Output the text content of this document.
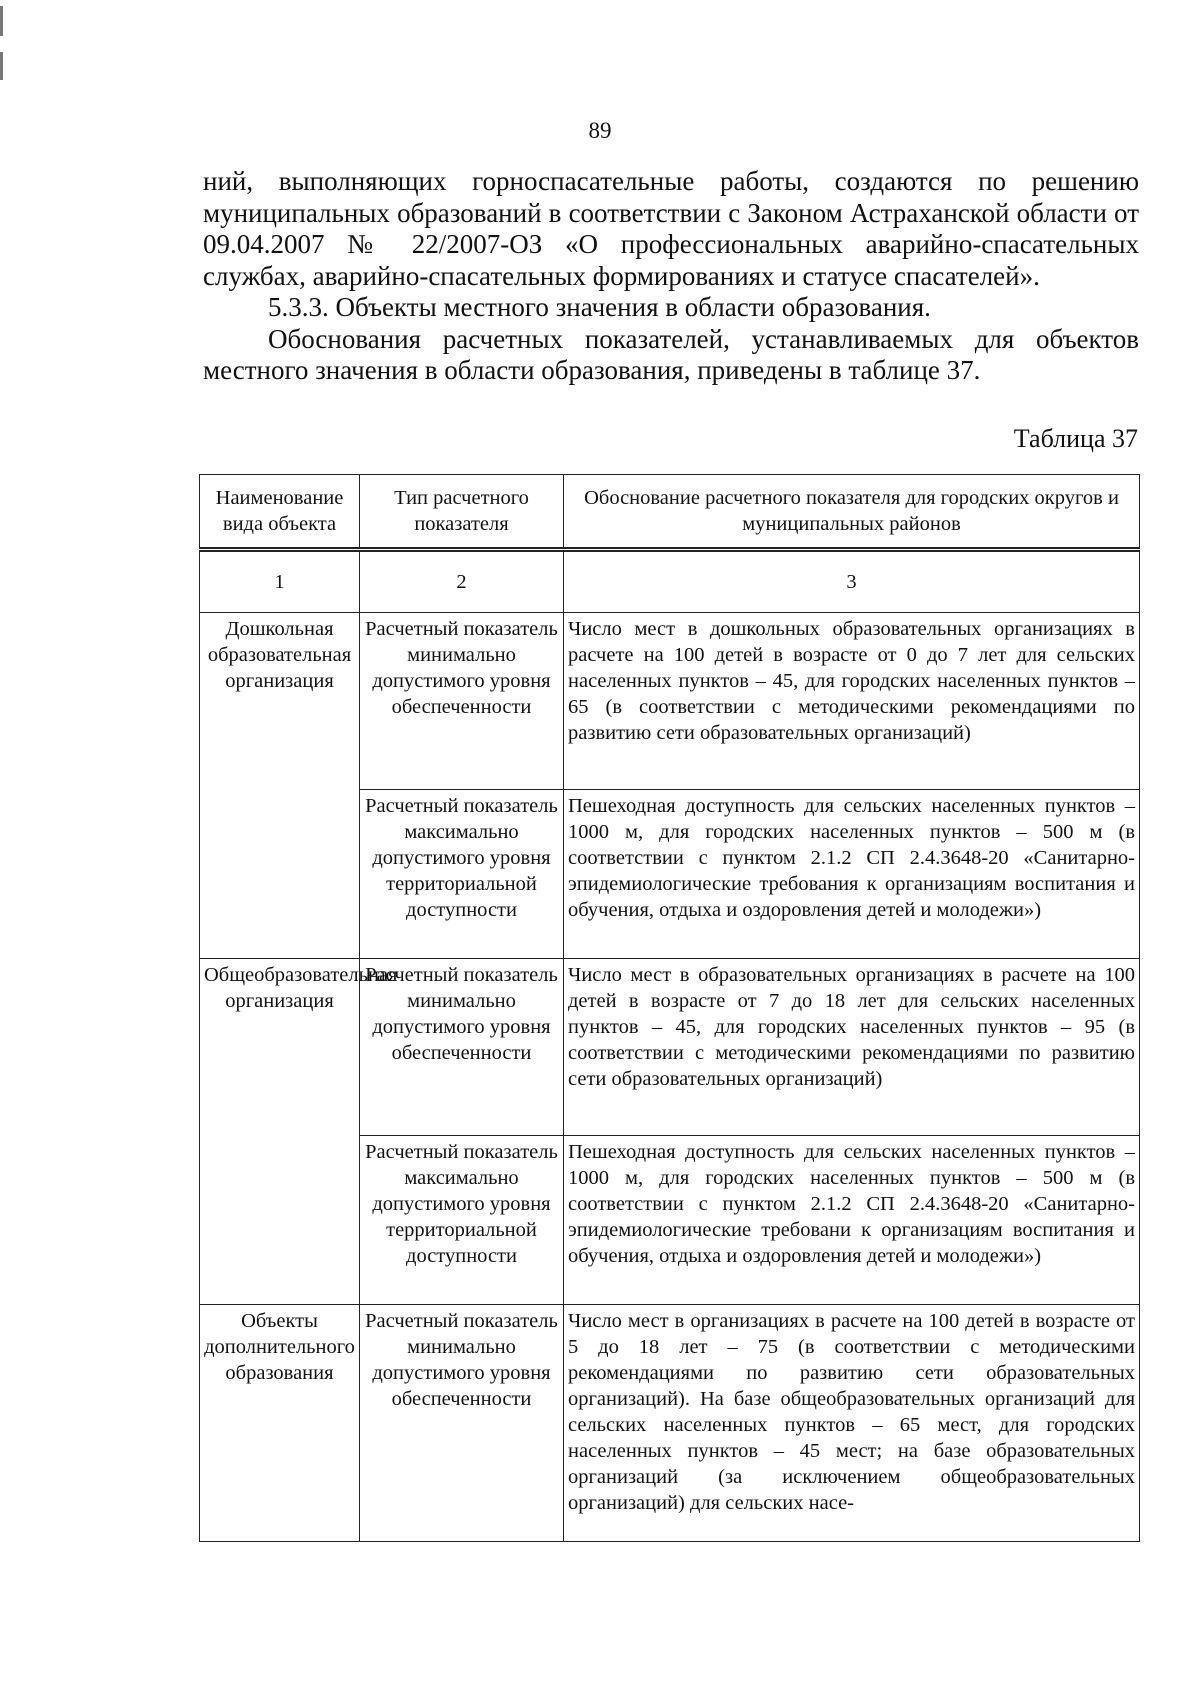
89

ний, выполняющих горноспасательные работы, создаются по решению муниципальных образований в соответствии с Законом Астраханской области от 09.04.2007 № 22/2007-ОЗ «О профессиональных аварийно-спасательных службах, аварийно-спасательных формированиях и статусе спасателей».

5.3.3. Объекты местного значения в области образования.

Обоснования расчетных показателей, устанавливаемых для объектов местного значения в области образования, приведены в таблице 37.

Таблица 37
Наименование вида объекта	Тип расчетного показателя	Обоснование расчетного показателя для городских округов и муниципальных районов
1	2	3
Дошкольная образовательная организация	Расчетный показатель минимально допустимого уровня обеспеченности	Число мест в дошкольных образовательных организациях в расчете на 100 детей в возрасте от 0 до 7 лет для сельских населенных пунктов – 45, для городских населенных пунктов – 65 (в соответствии с методическими рекомендациями по развитию сети образовательных организаций)
	Расчетный показатель максимально допустимого уровня территориальной доступности	Пешеходная доступность для сельских населенных пунктов – 1000 м, для городских населенных пунктов – 500 м (в соответствии с пунктом 2.1.2 СП 2.4.3648-20 «Санитарно-эпидемиологические требования к организациям воспитания и обучения, отдыха и оздоровления детей и молодежи»)
Общеобразовательная организация	Расчетный показатель минимально допустимого уровня обеспеченности	Число мест в образовательных организациях в расчете на 100 детей в возрасте от 7 до 18 лет для сельских населенных пунктов – 45, для городских населенных пунктов – 95 (в соответствии с методическими рекомендациями по развитию сети образовательных организаций)
	Расчетный показатель максимально допустимого уровня территориальной доступности	Пешеходная доступность для сельских населенных пунктов – 1000 м, для городских населенных пунктов – 500 м (в соответствии с пунктом 2.1.2 СП 2.4.3648-20 «Санитарно-эпидемиологические требовани к организациям воспитания и обучения, отдыха и оздоровления детей и молодежи»)
Объекты дополнительного образования	Расчетный показатель минимально допустимого уровня обеспеченности	Число мест в организациях в расчете на 100 детей в возрасте от 5 до 18 лет – 75 (в соответствии с методическими рекомендациями по развитию сети образовательных организаций). На базе общеобразовательных организаций для сельских населенных пунктов – 65 мест, для городских населенных пунктов – 45 мест; на базе образовательных организаций (за исключением общеобразовательных организаций) для сельских насе-
